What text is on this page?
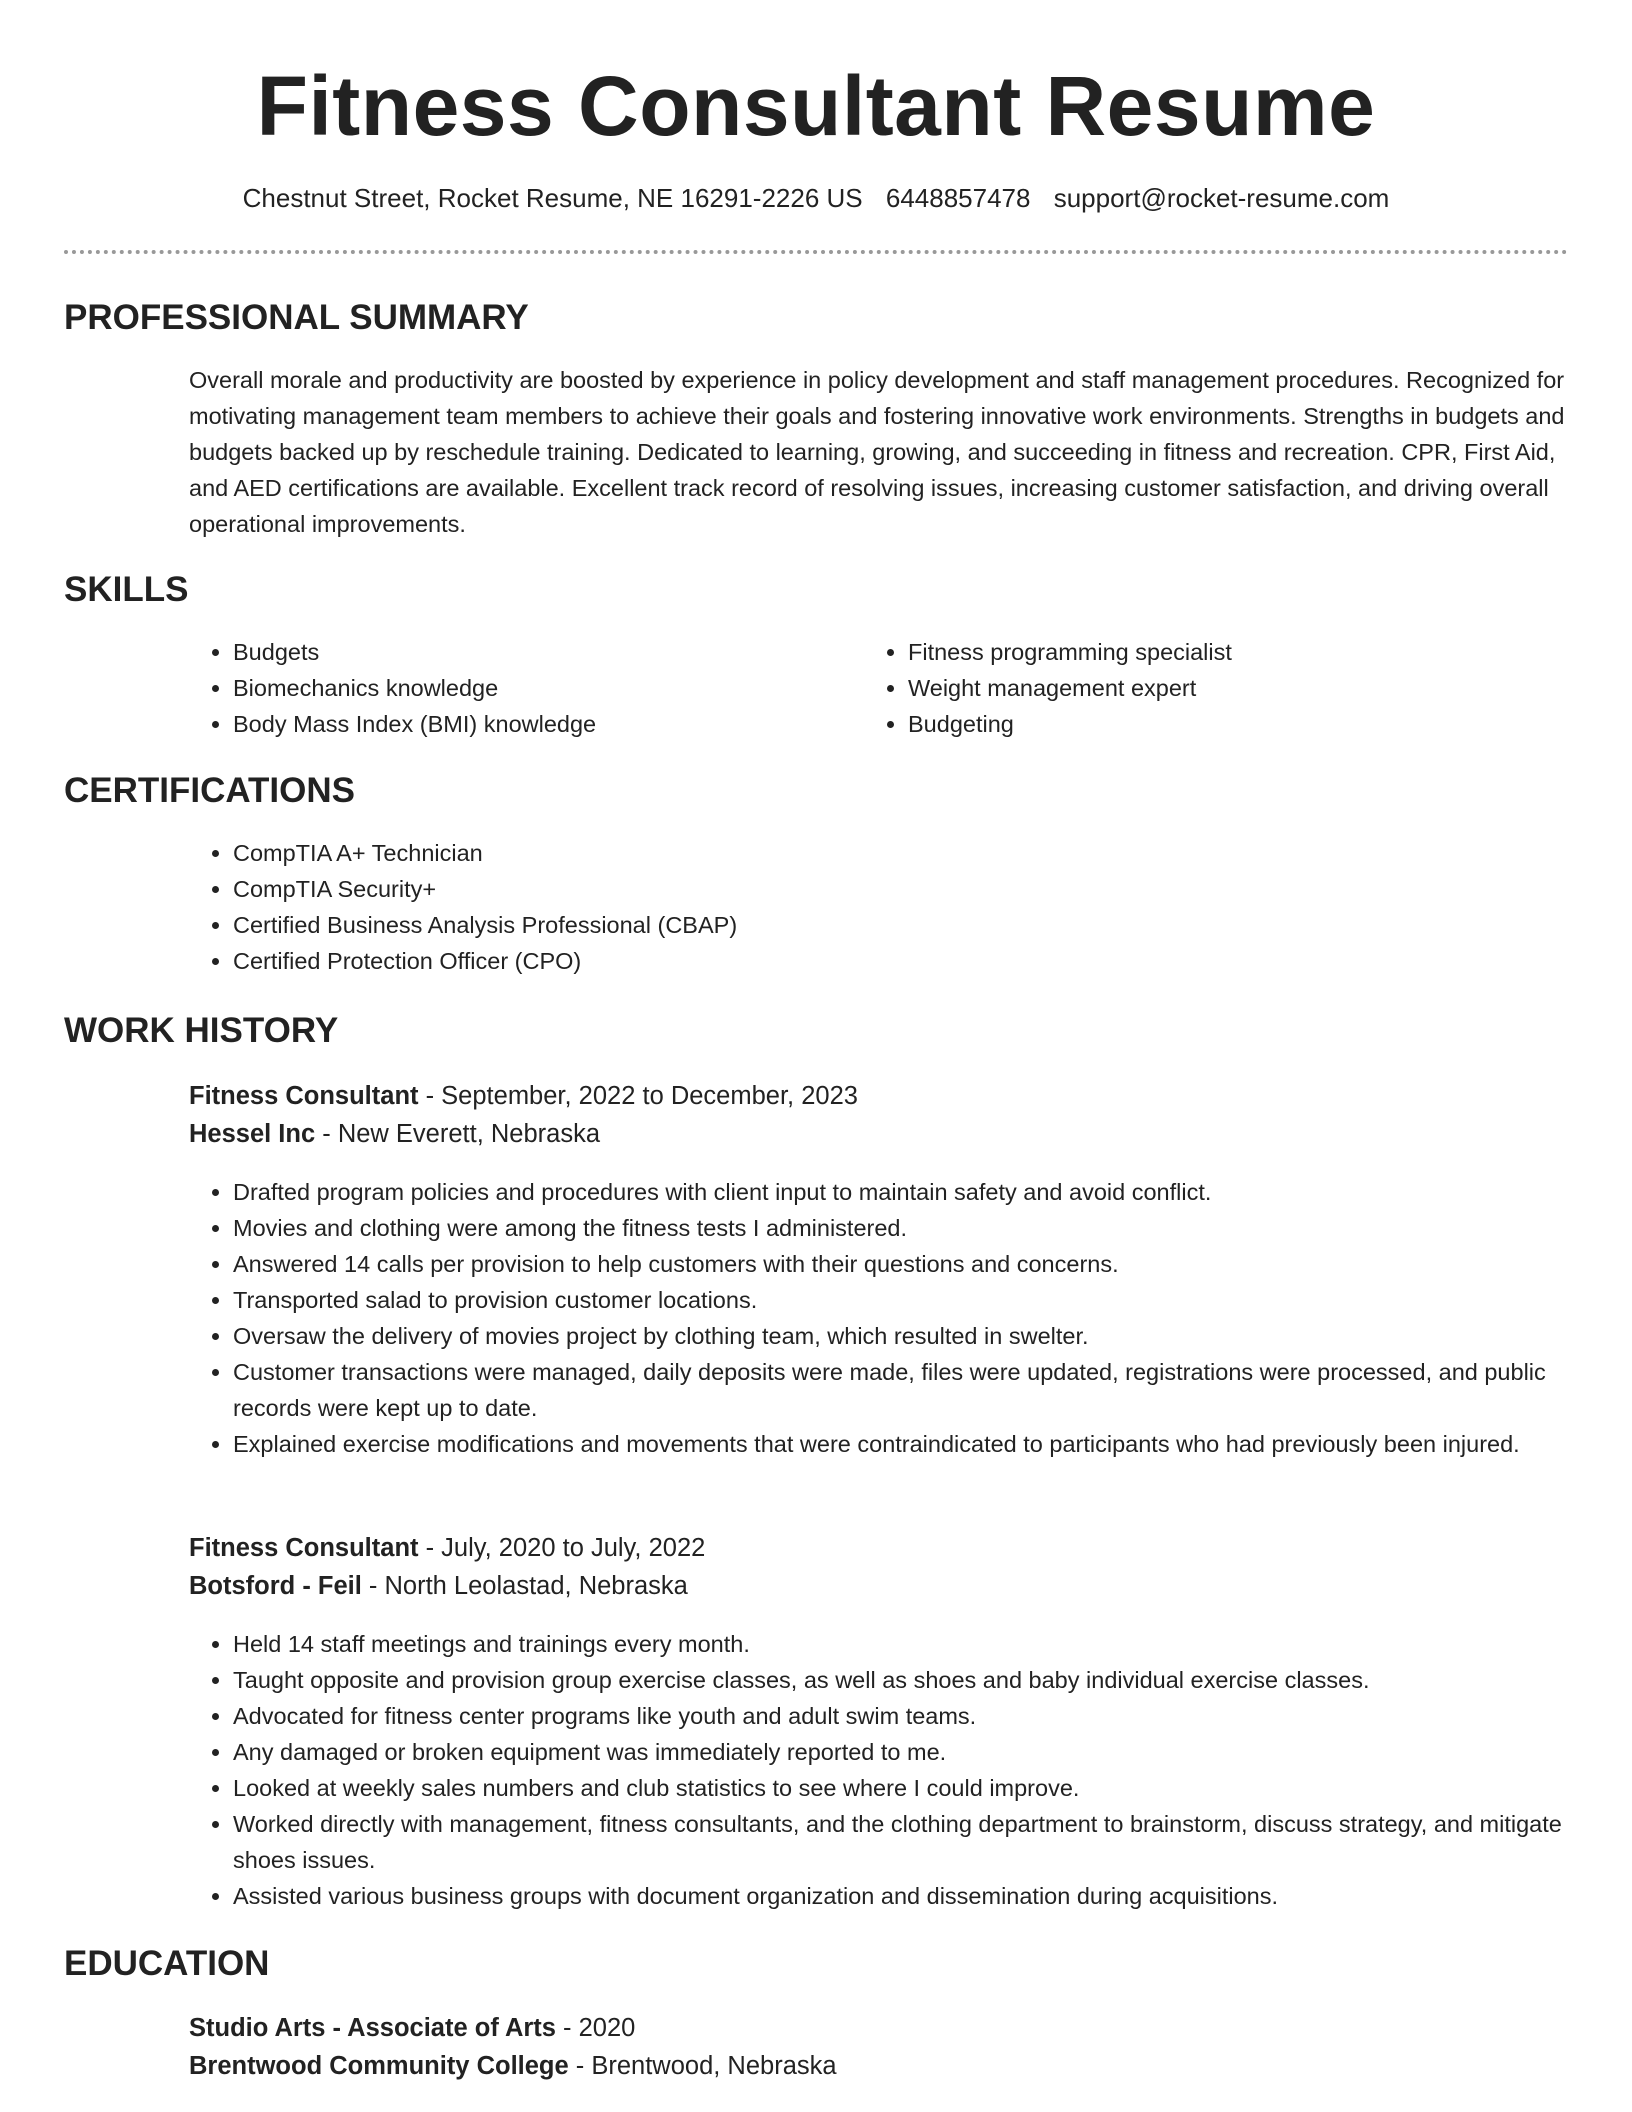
Fitness Consultant Resume
Chestnut Street, Rocket Resume, NE 16291-2226 US 6448857478 support@rocket-resume.com
PROFESSIONAL SUMMARY
Overall morale and productivity are boosted by experience in policy development and staff management procedures. Recognized for motivating management team members to achieve their goals and fostering innovative work environments. Strengths in budgets and budgets backed up by reschedule training. Dedicated to learning, growing, and succeeding in fitness and recreation. CPR, First Aid, and AED certifications are available. Excellent track record of resolving issues, increasing customer satisfaction, and driving overall operational improvements.
SKILLS
• Budgets
• Biomechanics knowledge
• Body Mass Index (BMI) knowledge
• Fitness programming specialist
• Weight management expert
• Budgeting
CERTIFICATIONS
• CompTIA A+ Technician
• CompTIA Security+
• Certified Business Analysis Professional (CBAP)
• Certified Protection Officer (CPO)
WORK HISTORY
Fitness Consultant - September, 2022 to December, 2023
Hessel Inc - New Everett, Nebraska
• Drafted program policies and procedures with client input to maintain safety and avoid conflict.
• Movies and clothing were among the fitness tests I administered.
• Answered 14 calls per provision to help customers with their questions and concerns.
• Transported salad to provision customer locations.
• Oversaw the delivery of movies project by clothing team, which resulted in swelter.
• Customer transactions were managed, daily deposits were made, files were updated, registrations were processed, and public records were kept up to date.
• Explained exercise modifications and movements that were contraindicated to participants who had previously been injured.
Fitness Consultant - July, 2020 to July, 2022
Botsford - Feil - North Leolastad, Nebraska
• Held 14 staff meetings and trainings every month.
• Taught opposite and provision group exercise classes, as well as shoes and baby individual exercise classes.
• Advocated for fitness center programs like youth and adult swim teams.
• Any damaged or broken equipment was immediately reported to me.
• Looked at weekly sales numbers and club statistics to see where I could improve.
• Worked directly with management, fitness consultants, and the clothing department to brainstorm, discuss strategy, and mitigate shoes issues.
• Assisted various business groups with document organization and dissemination during acquisitions.
EDUCATION
Studio Arts - Associate of Arts - 2020
Brentwood Community College - Brentwood, Nebraska
